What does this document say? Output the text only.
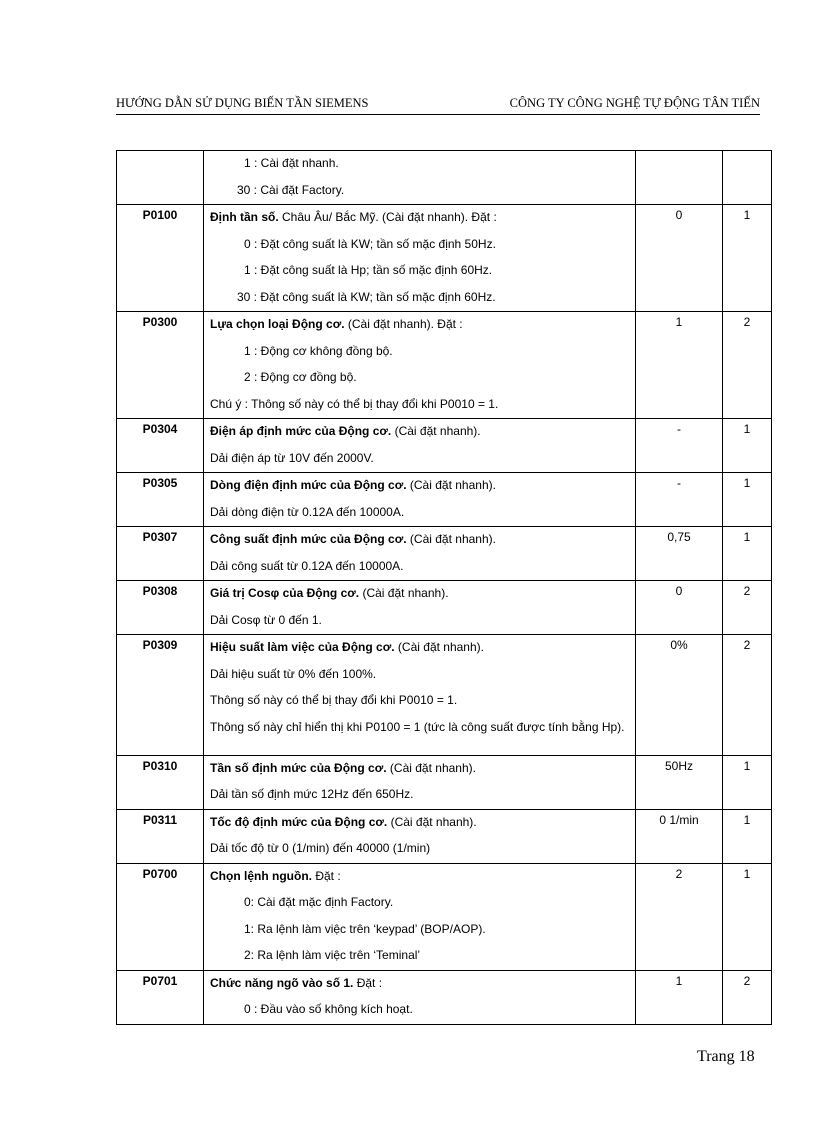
HƯỚNG DẪN SỬ DỤNG BIẾN TẦN SIEMENS	CÔNG TY CÔNG NGHỆ TỰ ĐỘNG TÂN TIẾN

	1 : Cài đặt nhanh.
30 : Cài đặt Factory.		

P0100	Định tần số. Châu Âu/ Bắc Mỹ. (Cài đặt nhanh). Đặt :
0 : Đặt công suất là KW; tần số mặc định 50Hz.
1 : Đặt công suất là Hp; tần số mặc định 60Hz.
30 : Đặt công suất là KW; tần số mặc định 60Hz.	0	1
P0300	Lựa chọn loại Động cơ. (Cài đặt nhanh). Đặt :
1 : Động cơ không đồng bộ.
2 : Động cơ đồng bộ.
Chú ý : Thông số này có thể bị thay đổi khi P0010 = 1.	1	2
P0304	Điện áp định mức của Động cơ. (Cài đặt nhanh).
Dải điện áp từ 10V đến 2000V.	-	1
P0305	Dòng điện định mức của Động cơ. (Cài đặt nhanh).
Dải dòng điện từ 0.12A đến 10000A.	-	1
P0307	Công suất định mức của Động cơ. (Cài đặt nhanh).
Dải công suất từ 0.12A đến 10000A.	0,75	1
P0308	Giá trị Cosφ của Động cơ. (Cài đặt nhanh).
Dải Cosφ từ 0 đến 1.	0	2
P0309	Hiệu suất làm việc của Động cơ. (Cài đặt nhanh).
Dải hiệu suất từ 0% đến 100%.
Thông số này có thể bị thay đổi khi P0010 = 1.
Thông số này chỉ hiển thị khi P0100 = 1 (tức là công suất được tính bằng Hp).	0%	2
P0310	Tần số định mức của Động cơ. (Cài đặt nhanh).
Dải tần số định mức 12Hz đến 650Hz.	50Hz	1
P0311	Tốc độ định mức của Động cơ. (Cài đặt nhanh).
Dải tốc độ từ 0 (1/min) đến 40000 (1/min)	0 1/min	1
P0700	Chọn lệnh nguồn. Đặt :
0: Cài đặt mặc định Factory.
1: Ra lệnh làm việc trên ‘keypad’ (BOP/AOP).
2: Ra lệnh làm việc trên ‘Teminal’	2	1
P0701	Chức năng ngõ vào số 1. Đặt :
0 : Đầu vào số không kích hoạt.	1	2
Trang 18
